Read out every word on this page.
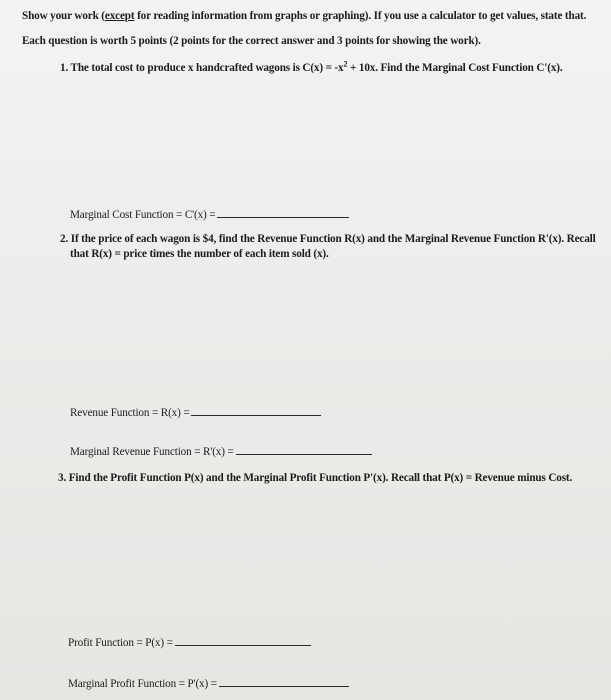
Show your work (except for reading information from graphs or graphing). If you use a calculator to get values, state that.
Each question is worth 5 points (2 points for the correct answer and 3 points for showing the work).
1. The total cost to produce x handcrafted wagons is $C(x) = -x^2 + 10x$. Find the Marginal Cost Function C'(x).
Marginal Cost Function = C'(x) =
2. If the price of each wagon is $4, find the Revenue Function R(x) and the Marginal Revenue Function R'(x). Recall
that R(x) = price times the number of each item sold (x).
Revenue Function = R(x) =
Marginal Revenue Function = R'(x) =
3. Find the Profit Function P(x) and the Marginal Profit Function P'(x). Recall that P(x) = Revenue minus Cost.
Profit Function = P(x) =
Marginal Profit Function = P'(x) =
